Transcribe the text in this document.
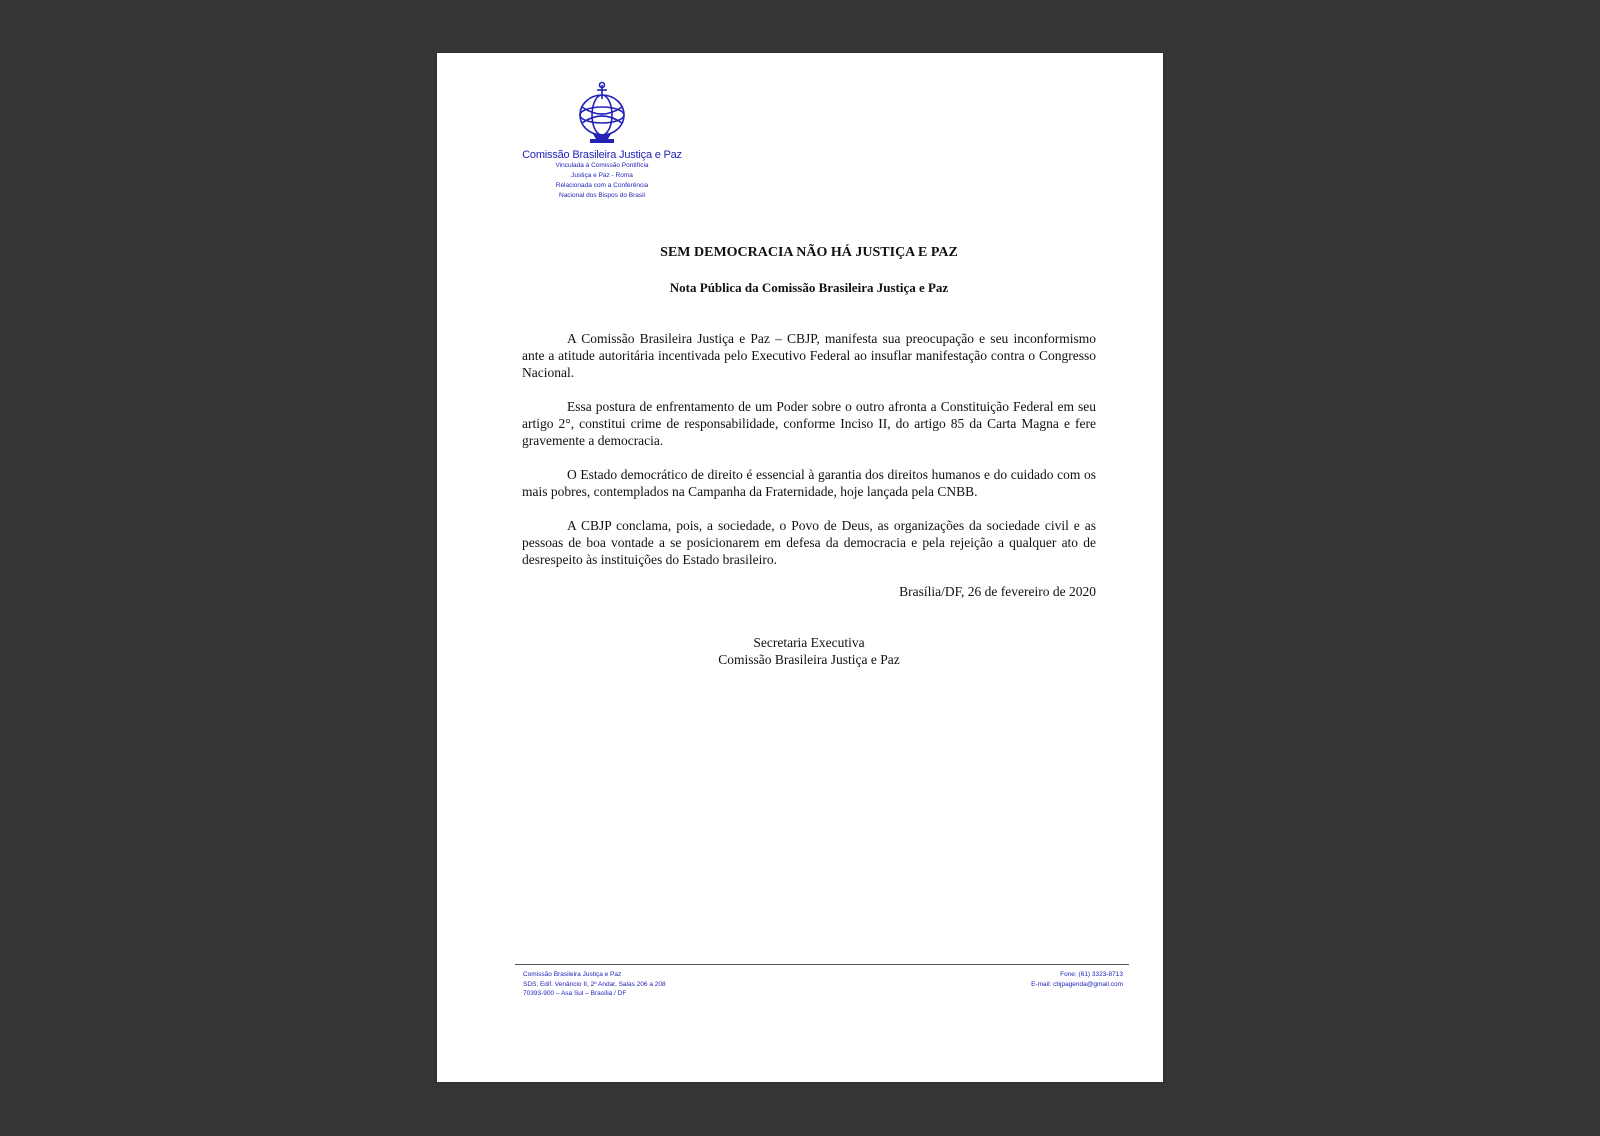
Comissão Brasileira Justiça e Paz
Vinculada à Comissão Pontifícia
Justiça e Paz - Roma
Relacionada com a Conferência
Nacional dos Bispos do Brasil
SEM DEMOCRACIA NÃO HÁ JUSTIÇA E PAZ
Nota Pública da Comissão Brasileira Justiça e Paz

A Comissão Brasileira Justiça e Paz – CBJP, manifesta sua preocupação e seu inconformismo ante a atitude autoritária incentivada pelo Executivo Federal ao insuflar manifestação contra o Congresso Nacional.

Essa postura de enfrentamento de um Poder sobre o outro afronta a Constituição Federal em seu artigo 2°, constitui crime de responsabilidade, conforme Inciso II, do artigo 85 da Carta Magna e fere gravemente a democracia.

O Estado democrático de direito é essencial à garantia dos direitos humanos e do cuidado com os mais pobres, contemplados na Campanha da Fraternidade, hoje lançada pela CNBB.

A CBJP conclama, pois, a sociedade, o Povo de Deus, as organizações da sociedade civil e as pessoas de boa vontade a se posicionarem em defesa da democracia e pela rejeição a qualquer ato de desrespeito às instituições do Estado brasileiro.

Brasília/DF, 26 de fevereiro de 2020
Secretaria Executiva
Comissão Brasileira Justiça e Paz
Comissão Brasileira Justiça e Paz
SDS, Edif. Venâncio II, 2º Andar, Salas 206 a 208
70393-900 – Asa Sul – Brasília / DF
Fone: (61) 3323-8713
E-mail: cbjpagenda@gmail.com
